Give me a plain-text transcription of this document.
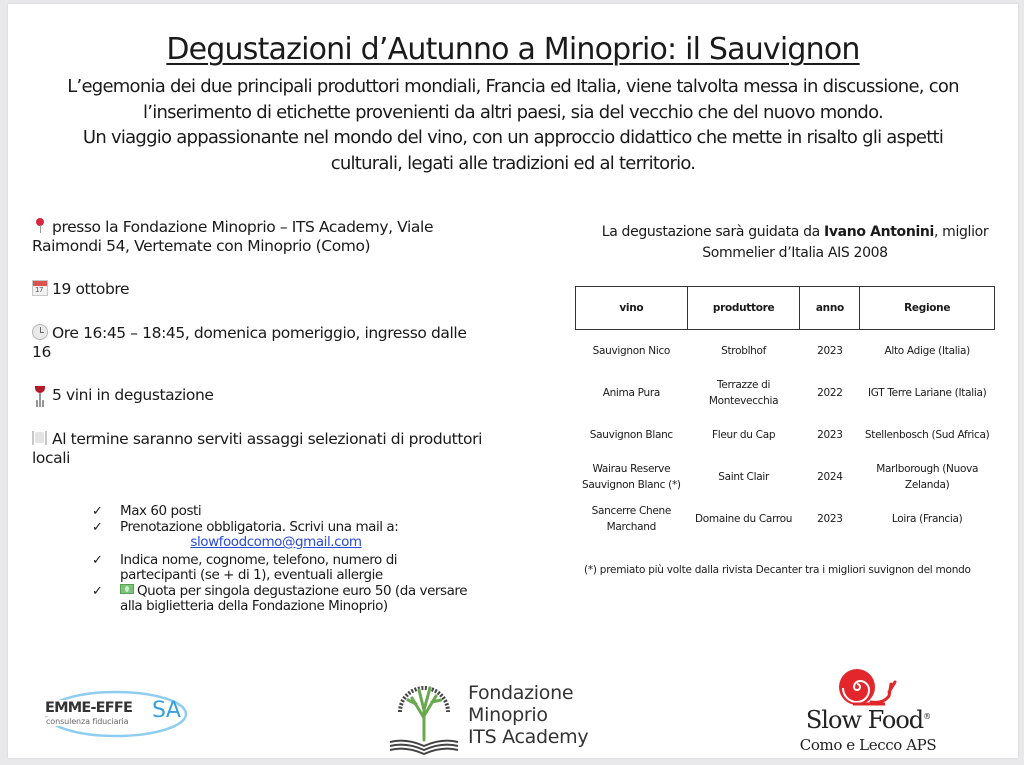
Degustazioni d’Autunno a Minoprio: il Sauvignon

L’egemonia dei due principali produttori mondiali, Francia ed Italia, viene talvolta messa in discussione, con

l’inserimento di etichette provenienti da altri paesi, sia del vecchio che del nuovo mondo.

Un viaggio appassionante nel mondo del vino, con un approccio didattico che mette in risalto gli aspetti

culturali, legati alle tradizioni ed al territorio.

presso la Fondazione Minoprio – ITS Academy, Viale Raimondi 54, Vertemate con Minoprio (Como)
1719 ottobre
Ore 16:45 – 18:45, domenica pomeriggio, ingresso dalle 16
5 vini in degustazione
Al termine saranno serviti assaggi selezionati di produttori locali
✓ Max 60 posti
✓ Prenotazione obbligatoria. Scrivi una mail a:
slowfoodcomo@gmail.com
✓ Indica nome, cognome, telefono, numero di partecipanti (se + di 1), eventuali allergie
✓	Quota per singola degustazione euro 50 (da versare alla biglietteria della Fondazione Minoprio)
La degustazione sarà guidata da Ivano Antonini, miglior
Sommelier d’Italia AIS 2008
vino	produttore	anno	Regione
Sauvignon Nico	Stroblhof	2023	Alto Adige (Italia)
Anima Pura	Terrazze di Montevecchia	2022	IGT Terre Lariane (Italia)
Sauvignon Blanc	Fleur du Cap	2023	Stellenbosch (Sud Africa)
Wairau Reserve Sauvignon Blanc (*)	Saint Clair	2024	Marlborough (Nuova Zelanda)
Sancerre Chene Marchand	Domaine du Carrou	2023	Loira (Francia)
(*) premiato più volte dalla rivista Decanter tra i migliori suvignon del mondo
EMME-EFFE SA
consulenza fiduciaria
Fondazione
Minoprio
ITS Academy
Slow Food®
Como e Lecco APS
